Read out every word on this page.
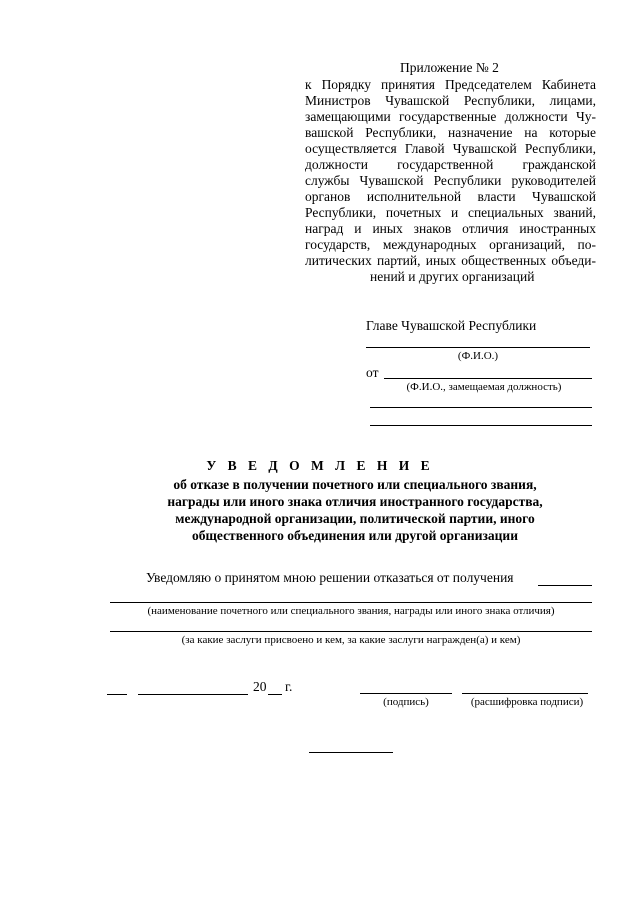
Приложение № 2
к Порядку принятия Председателем Кабинета
Министров Чувашской Республики, лицами,
замещающими государственные должности Чу-
вашской Республики, назначение на которые
осуществляется Главой Чувашской Республики,
должности государственной гражданской
службы Чувашской Республики руководителей
органов исполнительной власти Чувашской
Республики, почетных и специальных званий,
наград и иных знаков отличия иностранных
государств, международных организаций, по-
литических партий, иных общественных объеди-
нений и других организаций
Главе Чувашской Республики
(Ф.И.О.)
от
(Ф.И.О., замещаемая должность)
У В Е Д О М Л Е Н И Е
об отказе в получении почетного или специального звания,
награды или иного знака отличия иностранного государства,
международной организации, политической партии, иного
общественного объединения или другой организации
Уведомляю о принятом мною решении отказаться от получения
(наименование почетного или специального звания, награды или иного знака отличия)
(за какие заслуги присвоено и кем, за какие заслуги награжден(а) и кем)
20 г.
(подпись)	(расшифровка подписи)
